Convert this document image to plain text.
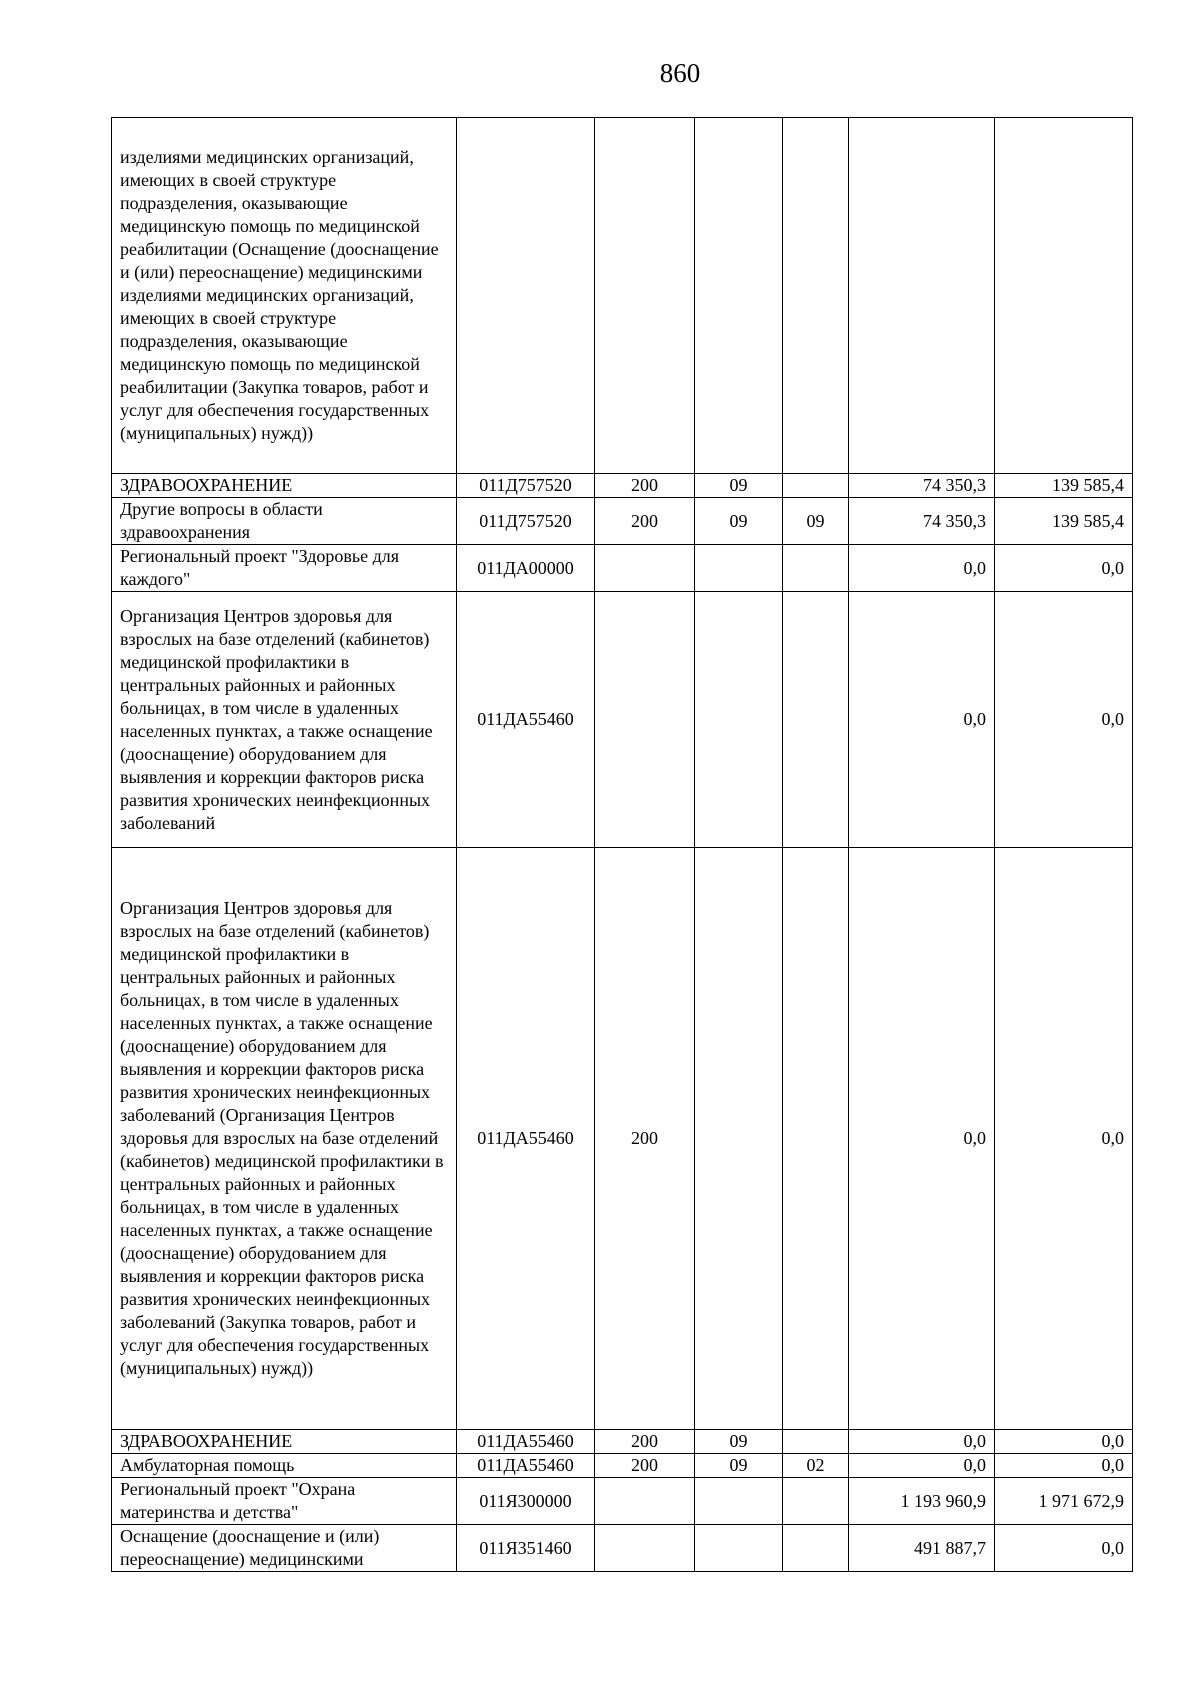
860
изделиями медицинских организаций, имеющих в своей структуре подразделения, оказывающие медицинскую помощь по медицинской реабилитации (Оснащение (дооснащение и (или) переоснащение) медицинскими изделиями медицинских организаций, имеющих в своей структуре подразделения, оказывающие медицинскую помощь по медицинской реабилитации (Закупка товаров, работ и услуг для обеспечения государственных (муниципальных) нужд))						
ЗДРАВООХРАНЕНИЕ	011Д757520	200	09		74 350,3	139 585,4
Другие вопросы в области здравоохранения	011Д757520	200	09	09	74 350,3	139 585,4
Региональный проект "Здоровье для каждого"	011ДА00000				0,0	0,0
Организация Центров здоровья для взрослых на базе отделений (кабинетов) медицинской профилактики в центральных районных и районных больницах, в том числе в удаленных населенных пунктах, а также оснащение (дооснащение) оборудованием для выявления и коррекции факторов риска развития хронических неинфекционных заболеваний	011ДА55460				0,0	0,0
Организация Центров здоровья для взрослых на базе отделений (кабинетов) медицинской профилактики в центральных районных и районных больницах, в том числе в удаленных населенных пунктах, а также оснащение (дооснащение) оборудованием для выявления и коррекции факторов риска развития хронических неинфекционных заболеваний (Организация Центров здоровья для взрослых на базе отделений (кабинетов) медицинской профилактики в центральных районных и районных больницах, в том числе в удаленных населенных пунктах, а также оснащение (дооснащение) оборудованием для выявления и коррекции факторов риска развития хронических неинфекционных заболеваний (Закупка товаров, работ и услуг для обеспечения государственных (муниципальных) нужд))	011ДА55460	200			0,0	0,0
ЗДРАВООХРАНЕНИЕ	011ДА55460	200	09		0,0	0,0
Амбулаторная помощь	011ДА55460	200	09	02	0,0	0,0
Региональный проект "Охрана материнства и детства"	011Я300000				1 193 960,9	1 971 672,9
Оснащение (дооснащение и (или) переоснащение) медицинскими	011Я351460				491 887,7	0,0
